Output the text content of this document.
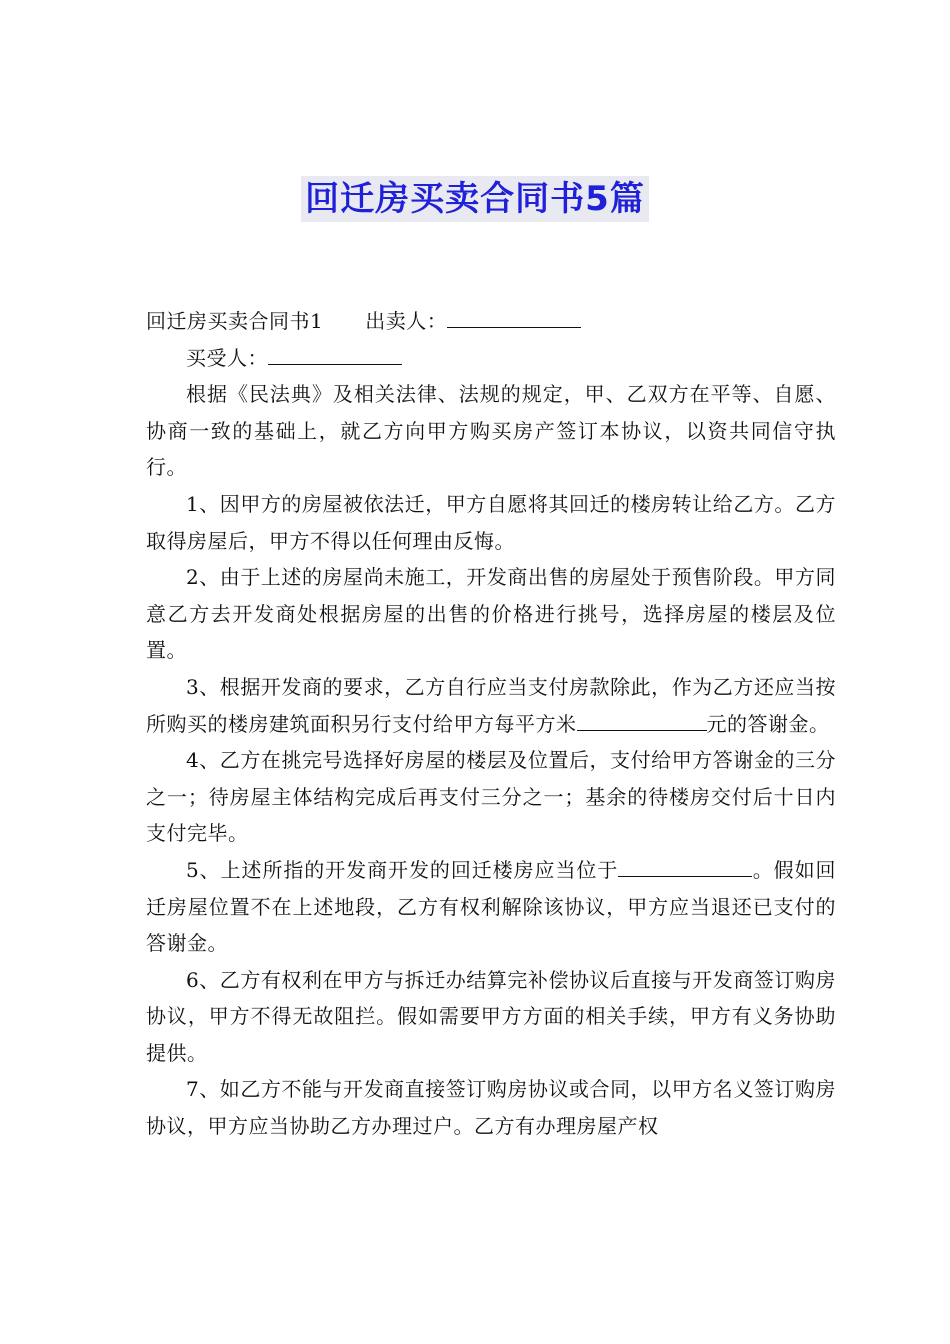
回迁房买卖合同书5篇

回迁房买卖合同书1 出卖人：

买受人：

根据《民法典》及相关法律、法规的规定，甲、乙双方在平等、自愿、协商一致的基础上，就乙方向甲方购买房产签订本协议，以资共同信守执行。

1、因甲方的房屋被依法迁，甲方自愿将其回迁的楼房转让给乙方。乙方取得房屋后，甲方不得以任何理由反悔。

2、由于上述的房屋尚未施工，开发商出售的房屋处于预售阶段。甲方同意乙方去开发商处根据房屋的出售的价格进行挑号，选择房屋的楼层及位置。

3、根据开发商的要求，乙方自行应当支付房款除此，作为乙方还应当按所购买的楼房建筑面积另行支付给甲方每平方米	元的答谢金。

4、乙方在挑完号选择好房屋的楼层及位置后，支付给甲方答谢金的三分之一；待房屋主体结构完成后再支付三分之一；基余的待楼房交付后十日内支付完毕。

5、上述所指的开发商开发的回迁楼房应当位于	。假如回迁房屋位置不在上述地段，乙方有权利解除该协议，甲方应当退还已支付的答谢金。

6、乙方有权利在甲方与拆迁办结算完补偿协议后直接与开发商签订购房协议，甲方不得无故阻拦。假如需要甲方方面的相关手续，甲方有义务协助提供。

7、如乙方不能与开发商直接签订购房协议或合同，以甲方名义签订购房协议，甲方应当协助乙方办理过户。乙方有办理房屋产权
